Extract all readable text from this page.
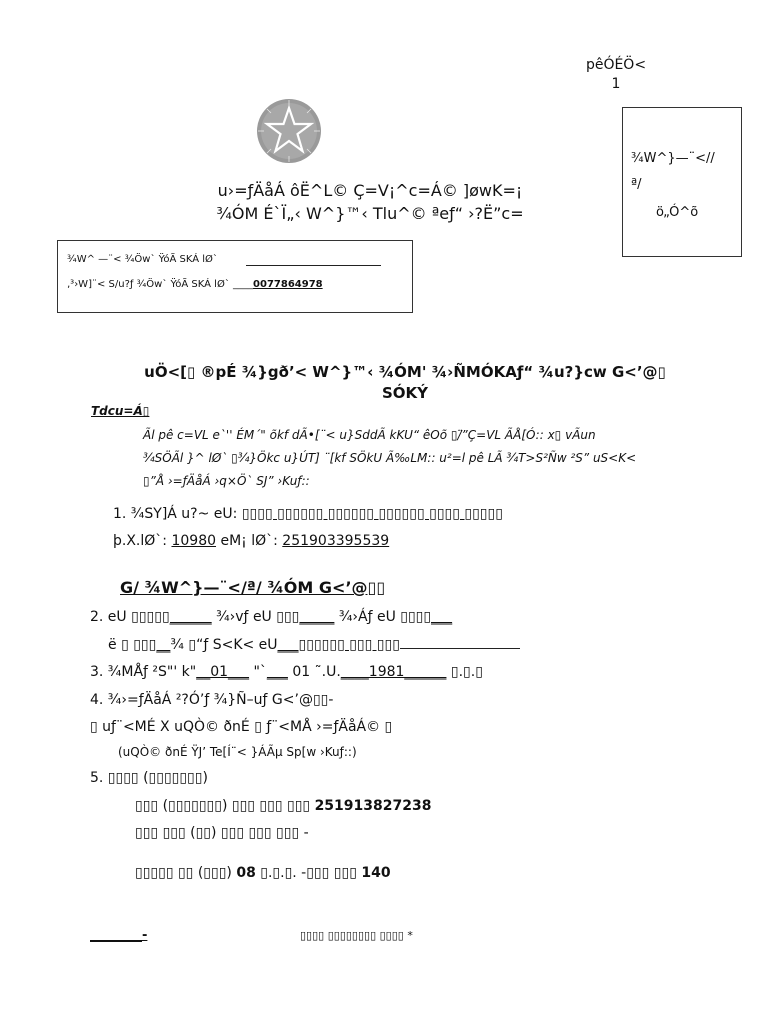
pêÓÉÖ<
1
u›=ƒÄåÁ ôË^L© Ç=V¡^c=Á© ]øwK=¡
¾ÓM É`Ï„‹ W^}™‹ Tlu^© ªeƒ“ ›?Ë”c=
¾W^}—¨<//
ª/
ö„Ó^õ
¾W^ —¨< ¾Öw` ŸóÃ SKÁ lØ`
‚³›W]¨< S/u?ƒ ¾Öw` ŸóÃ SKÁ lØ` ____0077864978
uÖ<[▯ ®pÉ ¾}gð’< W^}™‹ ¾ÓM' ¾›ÑMÓKAƒ“ ¾u?}cw G<’@▯
SÓKÝ
Tdcu=Á▯
Ãl pê c=VL e`'' ÉM´" õkf dÃ•[¨< u}SddÃ kKU“ êOõ ▯/̈”Ç=VL ÃÅ[Ó:: x▯ vÃun
¾SÖÃl }^ lØ` ▯¾}Ökc u}ÚT] ¨[kf SÖkU Ã‰LM:: u²=l pê LÃ ¾T>S²Ñw ²S” uS<K<
▯”Å ›=ƒÄåÁ ›q×Ö` SJ” ›Kuƒ::
1. ¾SY]Á u?~ eU: ▯▯▯▯ ▯▯▯▯▯▯ ▯▯▯▯▯▯ ▯▯▯▯▯▯ ▯▯▯▯ ▯▯▯▯▯
þ.X.lØ`: 10980 eM¡ lØ`: 251903395539
G/ ¾W^}—¨</ª/ ¾ÓM G<’@▯▯
2. eU ▯▯▯▯▯______ ¾›vƒ eU ▯▯▯_____ ¾›Áƒ eU ▯▯▯▯___
ë ▯ ▯▯▯__¾ ▯“ƒ S<K< eU___▯▯▯▯▯▯ ▯▯▯ ▯▯▯
3. ¾MÅƒ ²S"' k"__01___ "`___ 01 ˜.U.____1981______ ▯.▯.▯
4. ¾›=ƒÄåÁ ²?Ó’ƒ ¾}Ñ–uƒ G<’@▯▯-
▯ uƒ¨<MÉ X uQÒ© ðnÉ ▯ ƒ¨<MÅ ›=ƒÄåÁ© ▯
(uQÒ© ðnÉ ŸJ’ Te[Í¨< }ÁÃµ Sp[w ›Kuƒ::)
5. ▯▯▯▯ (▯▯▯▯▯▯▯)
▯▯▯ (▯▯▯▯▯▯▯) ▯▯▯ ▯▯▯ ▯▯▯ 251913827238
▯▯▯ ▯▯▯ (▯▯) ▯▯▯ ▯▯▯ ▯▯▯ -
▯▯▯▯▯ ▯▯ (▯▯▯) 08 ▯.▯.▯. -▯▯▯ ▯▯▯ 140
________-	▯▯▯▯ ▯▯▯▯▯▯▯▯ ▯▯▯▯ *
